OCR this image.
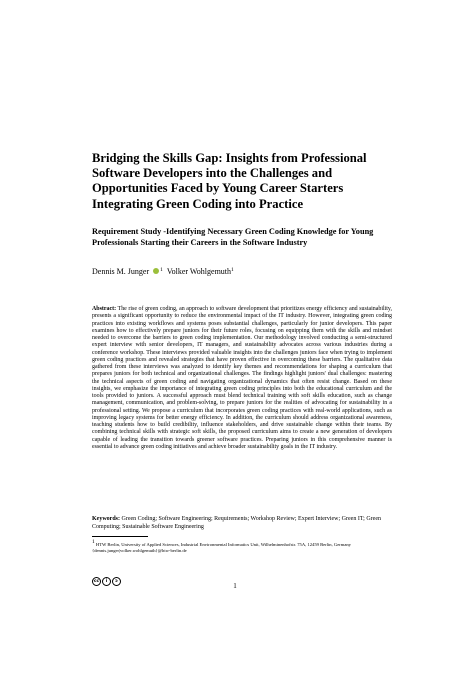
Bridging the Skills Gap: Insights from Professional Software Developers into the Challenges and Opportunities Faced by Young Career Starters Integrating Green Coding into Practice
Requirement Study -Identifying Necessary Green Coding Knowledge for Young Professionals Starting their Careers in the Software Industry
Dennis M. Junger $^1$ Volker Wohlgemuth$^1$

Abstract: The rise of green coding, an approach to software development that prioritizes energy efficiency and sustainability, presents a significant opportunity to reduce the environmental impact of the IT industry. However, integrating green coding practices into existing workflows and systems poses substantial challenges, particularly for junior developers. This paper examines how to effectively prepare juniors for their future roles, focusing on equipping them with the skills and mindset needed to overcome the barriers to green coding implementation. Our methodology involved conducting a semi-structured expert interview with senior developers, IT managers, and sustainability advocates across various industries during a conference workshop. These interviews provided valuable insights into the challenges juniors face when trying to implement green coding practices and revealed strategies that have proven effective in overcoming these barriers. The qualitative data gathered from these interviews was analyzed to identify key themes and recommendations for shaping a curriculum that prepares juniors for both technical and organizational challenges. The findings highlight juniors' dual challenges: mastering the technical aspects of green coding and navigating organizational dynamics that often resist change. Based on these insights, we emphasize the importance of integrating green coding principles into both the educational curriculum and the tools provided to juniors. A successful approach must blend technical training with soft skills education, such as change management, communication, and problem-solving, to prepare juniors for the realities of advocating for sustainability in a professional setting. We propose a curriculum that incorporates green coding practices with real-world applications, such as improving legacy systems for better energy efficiency. In addition, the curriculum should address organizational awareness, teaching students how to build credibility, influence stakeholders, and drive sustainable change within their teams. By combining technical skills with strategic soft skills, the proposed curriculum aims to create a new generation of developers capable of leading the transition towards greener software practices. Preparing juniors in this comprehensive manner is essential to advance green coding initiatives and achieve broader sustainability goals in the IT industry.

Keywords: Green Coding; Software Engineering; Requirements; Workshop Review; Expert Interview; Green IT; Green Computing; Sustainable Software Engineering

1 HTW Berlin, University of Applied Sciences, Industrial Environmental Informatics Unit, Wilhelminenhofstr. 75A, 12459 Berlin, Germany {dennis.junger|volker.wohlgemuth}@htw-berlin.de

cc	i	ↄ
1
